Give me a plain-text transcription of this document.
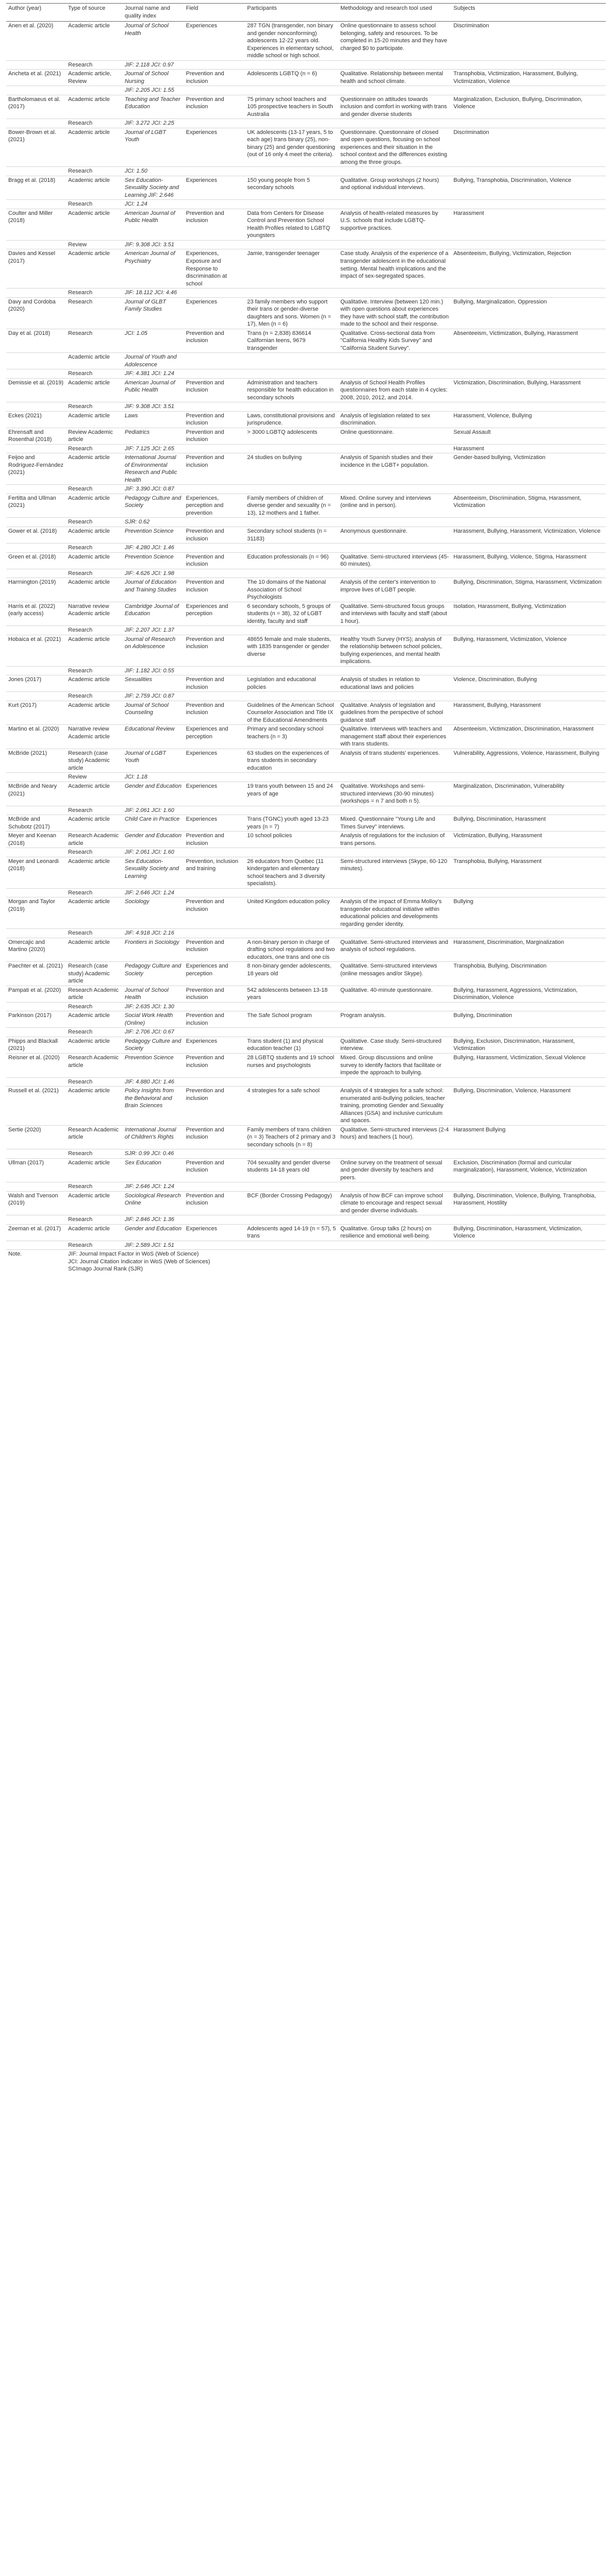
Author (year)	Type of source	Journal name and quality index	Field	Participants	Methodology and research tool used	Subjects
Anen et al. (2020)	Academic article	Journal of School Health	Experiences	287 TGN (transgender, non binary and gender nonconforming) adolescents 12-22 years old. Experiences in elementary school, middle school or high school.	Online questionnaire to assess school belonging, safety and resources. To be completed in 15-20 minutes and they have charged $0 to participate.	Discrimination
	Research	JIF: 2.118 JCI: 0.97				
Ancheta et al. (2021)	Academic article, Review	Journal of School Nursing	Prevention and inclusion	Adolescents LGBTQ (n = 6)	Qualitative. Relationship between mental health and school climate.	Transphobia, Victimization, Harassment, Bullying, Victimization, Violence
		JIF: 2.205 JCI: 1.55				
Bartholomaeus et al. (2017)	Academic article	Teaching and Teacher Education	Prevention and inclusion	75 primary school teachers and 105 prospective teachers in South Australia	Questionnaire on attitudes towards inclusion and comfort in working with trans and gender diverse students	Marginalization, Exclusion, Bullying, Discrimination, Violence
	Research	JIF: 3.272 JCI: 2.25				
Bower-Brown et al. (2021)	Academic article	Journal of LGBT Youth	Experiences	UK adolescents (13-17 years, 5 to each age) trans binary (25), non-binary (25) and gender questioning (out of 16 only 4 meet the criteria).	Questionnaire. Questionnaire of closed and open questions, focusing on school experiences and their situation in the school context and the differences existing among the three groups.	Discrimination
	Research	JCI: 1.50				
Bragg et al. (2018)	Academic article	Sex Education-Sexuality Society and Learning JIF: 2.646	Experiences	150 young people from 5 secondary schools	Qualitative. Group workshops (2 hours) and optional individual interviews.	Bullying, Transphobia, Discrimination, Violence
	Research	JCI: 1.24				
Coulter and Miller (2018)	Academic article	American Journal of Public Health	Prevention and inclusion	Data from Centers for Disease Control and Prevention School Health Profiles related to LGBTQ youngsters	Analysis of health-related measures by U.S. schools that include LGBTQ-supportive practices.	Harassment
	Review	JIF: 9.308 JCI: 3.51				
Davies and Kessel (2017)	Academic article	American Journal of Psychiatry	Experiences, Exposure and Response to discrimination at school	Jamie, transgender teenager	Case study. Analysis of the experience of a transgender adolescent in the educational setting. Mental health implications and the impact of sex-segregated spaces.	Absenteeism, Bullying, Victimization, Rejection
	Research	JIF: 18.112 JCI: 4.46				
Davy and Cordoba (2020)	Research	Journal of GLBT Family Studies	Experiences	23 family members who support their trans or gender-diverse daughters and sons. Women (n = 17), Men (n = 6)	Qualitative. Interview (between 120 min.) with open questions about experiences they have with school staff, the contribution made to the school and their response.	Bullying, Marginalization, Oppression
Day et al. (2018)	Research	JCI: 1.05	Prevention and inclusion	Trans (n = 2,838) 836614 Californian teens, 9679 transgender	Qualitative. Cross-sectional data from "California Healthy Kids Survey" and "California Student Survey".	Absenteeism, Victimization, Bullying, Harassment
	Academic article	Journal of Youth and Adolescence				
	Research	JIF: 4.381 JCI: 1.24				
Demissie et al. (2019)	Academic article	American Journal of Public Health	Prevention and inclusion	Administration and teachers responsible for health education in secondary schools	Analysis of School Health Profiles questionnaires from each state in 4 cycles: 2008, 2010, 2012, and 2014.	Victimization, Discrimination, Bullying, Harassment
	Research	JIF: 9.308 JCI: 3.51				
Eckes (2021)	Academic article	Laws	Prevention and inclusion	Laws, constitutional provisions and jurisprudence.	Analysis of legislation related to sex discrimination.	Harassment, Violence, Bullying
Ehrensaft and Rosenthal (2018)	Review Academic article	Pediatrics	Prevention and inclusion	> 3000 LGBTQ adolescents	Online questionnaire.	Sexual Assault
	Research	JIF: 7.125 JCI: 2.65				Harassment
Feijoo and Rodríguez-Fernández (2021)	Academic article	International Journal of Environmental Research and Public Health	Prevention and inclusion	24 studies on bullying	Analysis of Spanish studies and their incidence in the LGBT+ population.	Gender-based bullying, Victimization
	Research	JIF: 3.390 JCI: 0.87				
Fertitta and Ullman (2021)	Academic article	Pedagogy Culture and Society	Experiences, perception and prevention	Family members of children of diverse gender and sexuality (n = 13), 12 mothers and 1 father.	Mixed. Online survey and interviews (online and in person).	Absenteeism, Discrimination, Stigma, Harassment, Victimization
	Research	SJR: 0.62				
Gower et al. (2018)	Academic article	Prevention Science	Prevention and inclusion	Secondary school students (n = 31183)	Anonymous questionnaire.	Harassment, Bullying, Harassment, Victimization, Violence
	Research	JIF: 4.280 JCI: 1.46				
Green et al. (2018)	Academic article	Prevention Science	Prevention and inclusion	Education professionals (n = 96)	Qualitative. Semi-structured interviews (45-60 minutes).	Harassment, Bullying, Violence, Stigma, Harassment
	Research	JIF: 4.626 JCI: 1.98				
Harrnington (2019)	Academic article	Journal of Education and Training Studies	Prevention and inclusion	The 10 domains of the National Association of School Psychologists	Analysis of the center's intervention to improve lives of LGBT people.	Bullying, Discrimination, Stigma, Harassment, Victimization
Harris et al. (2022) (early access)	Narrative review Academic article	Cambridge Journal of Education	Experiences and perception	6 secondary schools, 5 groups of students (n = 38), 32 of LGBT identity, faculty and staff	Qualitative. Semi-structured focus groups and interviews with faculty and staff (about 1 hour).	Isolation, Harassment, Bullying, Victimization
	Research	JIF: 2.207 JCI: 1.37				
Hobaica et al. (2021)	Academic article	Journal of Research on Adolescence	Prevention and inclusion	48655 female and male students, with 1835 transgender or gender diverse	Healthy Youth Survey (HYS); analysis of the relationship between school policies, bullying experiences, and mental health implications.	Bullying, Harassment, Victimization, Violence
	Research	JIF: 1.182 JCI: 0.55				
Jones (2017)	Academic article	Sexualities	Prevention and inclusion	Legislation and educational policies	Analysis of studies in relation to educational laws and policies	Violence, Discrimination, Bullying
	Research	JIF: 2.759 JCI: 0.87				
Kurt (2017)	Academic article	Journal of School Counseling	Prevention and inclusion	Guidelines of the American School Counselor Association and Title IX of the Educational Amendments	Qualitative. Analysis of legislation and guidelines from the perspective of school guidance staff	Harassment, Bullying, Harassment
Martino et al. (2020)	Narrative review Academic article	Educational Review	Experiences and perception	Primary and secondary school teachers (n = 3)	Qualitative. Interviews with teachers and management staff about their experiences with trans students.	Absenteeism, Victimization, Discrimination, Harassment
McBride (2021)	Research (case study) Academic article	Journal of LGBT Youth	Experiences	63 studies on the experiences of trans students in secondary education	Analysis of trans students' experiences.	Vulnerability, Aggressions, Violence, Harassment, Bullying
	Review	JCI: 1.18				
McBride and Neary (2021)	Academic article	Gender and Education	Experiences	19 trans youth between 15 and 24 years of age	Qualitative. Workshops and semi-structured interviews (30-90 minutes) (workshops = n 7 and both n 5).	Marginalization, Discrimination, Vulnerability
	Research	JIF: 2.061 JCI: 1.60				
McBride and Schubotz (2017)	Academic article	Child Care in Practice	Experiences	Trans (TGNC) youth aged 13-23 years (n = 7)	Mixed. Questionnaire "Young Life and Times Survey" interviews.	Bullying, Discrimination, Harassment
Meyer and Keenan (2018)	Research Academic article	Gender and Education	Prevention and inclusion	10 school policies	Analysis of regulations for the inclusion of trans persons.	Victimization, Bullying, Harassment
	Research	JIF: 2.061 JCI: 1.60				
Meyer and Leonardi (2018)	Academic article	Sex Education-Sexuality Society and Learning	Prevention, inclusion and training	26 educators from Quebec (11 kindergarten and elementary school teachers and 3 diversity specialists).	Semi-structured interviews (Skype, 60-120 minutes).	Transphobia, Bullying, Harassment
	Research	JIF: 2.646 JCI: 1.24				
Morgan and Taylor (2019)	Academic article	Sociology	Prevention and inclusion	United Kingdom education policy	Analysis of the impact of Emma Molloy's transgender educational initiative within educational policies and developments regarding gender identity.	Bullying
	Research	JIF: 4.918 JCI: 2.16				
Omercajic and Martino (2020)	Academic article	Frontiers in Sociology	Prevention and inclusion	A non-binary person in charge of drafting school regulations and two educators, one trans and one cis	Qualitative. Semi-structured interviews and analysis of school regulations.	Harassment, Discrimination, Marginalization
Paechter et al. (2021)	Research (case study) Academic article	Pedagogy Culture and Society	Experiences and perception	8 non-binary gender adolescents, 18 years old	Qualitative. Semi-structured interviews (online messages and/or Skype).	Transphobia, Bullying, Discrimination
Pampati et al. (2020)	Research Academic article	Journal of School Health	Prevention and inclusion	542 adolescents between 13-18 years	Qualitative. 40-minute questionnaire.	Bullying, Harassment, Aggressions, Victimization, Discrimination, Violence
	Research	JIF: 2.635 JCI: 1.30				
Parkinson (2017)	Academic article	Social Work Health (Online)	Prevention and inclusion	The Safe School program	Program analysis.	Bullying, Discrimination
	Research	JIF: 2.706 JCI: 0.67				
Phipps and Blackall (2021)	Academic article	Pedagogy Culture and Society	Experiences	Trans student (1) and physical education teacher (1)	Qualitative. Case study. Semi-structured interview.	Bullying, Exclusion, Discrimination, Harassment, Victimization
Reisner et al. (2020)	Research Academic article	Prevention Science	Prevention and inclusion	28 LGBTQ students and 19 school nurses and psychologists	Mixed. Group discussions and online survey to identify factors that facilitate or impede the approach to bullying.	Bullying, Harassment, Victimization, Sexual Violence
	Research	JIF: 4.880 JCI: 1.46				
Russell et al. (2021)	Academic article	Policy Insights from the Behavioral and Brain Sciences	Prevention and inclusion	4 strategies for a safe school	Analysis of 4 strategies for a safe school: enumerated anti-bullying policies, teacher training, promoting Gender and Sexuality Alliances (GSA) and inclusive curriculum and spaces.	Bullying, Discrimination, Violence, Harassment
Sertie (2020)	Research Academic article	International Journal of Children's Rights	Prevention and inclusion	Family members of trans children (n = 3) Teachers of 2 primary and 3 secondary schools (n = 8)	Qualitative. Semi-structured interviews (2-4 hours) and teachers (1 hour).	Harassment Bullying
	Research	SJR: 0.99 JCI: 0.46				
Ullman (2017)	Academic article	Sex Education	Prevention and inclusion	704 sexuality and gender diverse students 14-18 years old	Online survey on the treatment of sexual and gender diversity by teachers and peers.	Exclusion, Discrimination (formal and curricular marginalization), Harassment, Violence, Victimization
	Research	JIF: 2.646 JCI: 1.24				
Walsh and Tvenson (2019)	Academic article	Sociological Research Online	Prevention and inclusion	BCF (Border Crossing Pedagogy)	Analysis of how BCF can improve school climate to encourage and respect sexual and gender diverse individuals.	Bullying, Discrimination, Violence, Bullying, Transphobia, Harassment, Hostility
	Research	JIF: 2.846 JCI: 1.36				
Zeeman et al. (2017)	Academic article	Gender and Education	Experiences	Adolescents aged 14-19 (n = 57), 5 trans	Qualitative. Group talks (2 hours) on resilience and emotional well-being.	Bullying, Discrimination, Harassment, Victimization, Violence
	Research	JIF: 2.589 JCI: 1.51				
Note.	JIF: Journal Impact Factor in WoS (Web of Science)
JCI: Journal Citation Indicator in WoS (Web of Sciences)
SCImago Journal Rank (SJR)					
